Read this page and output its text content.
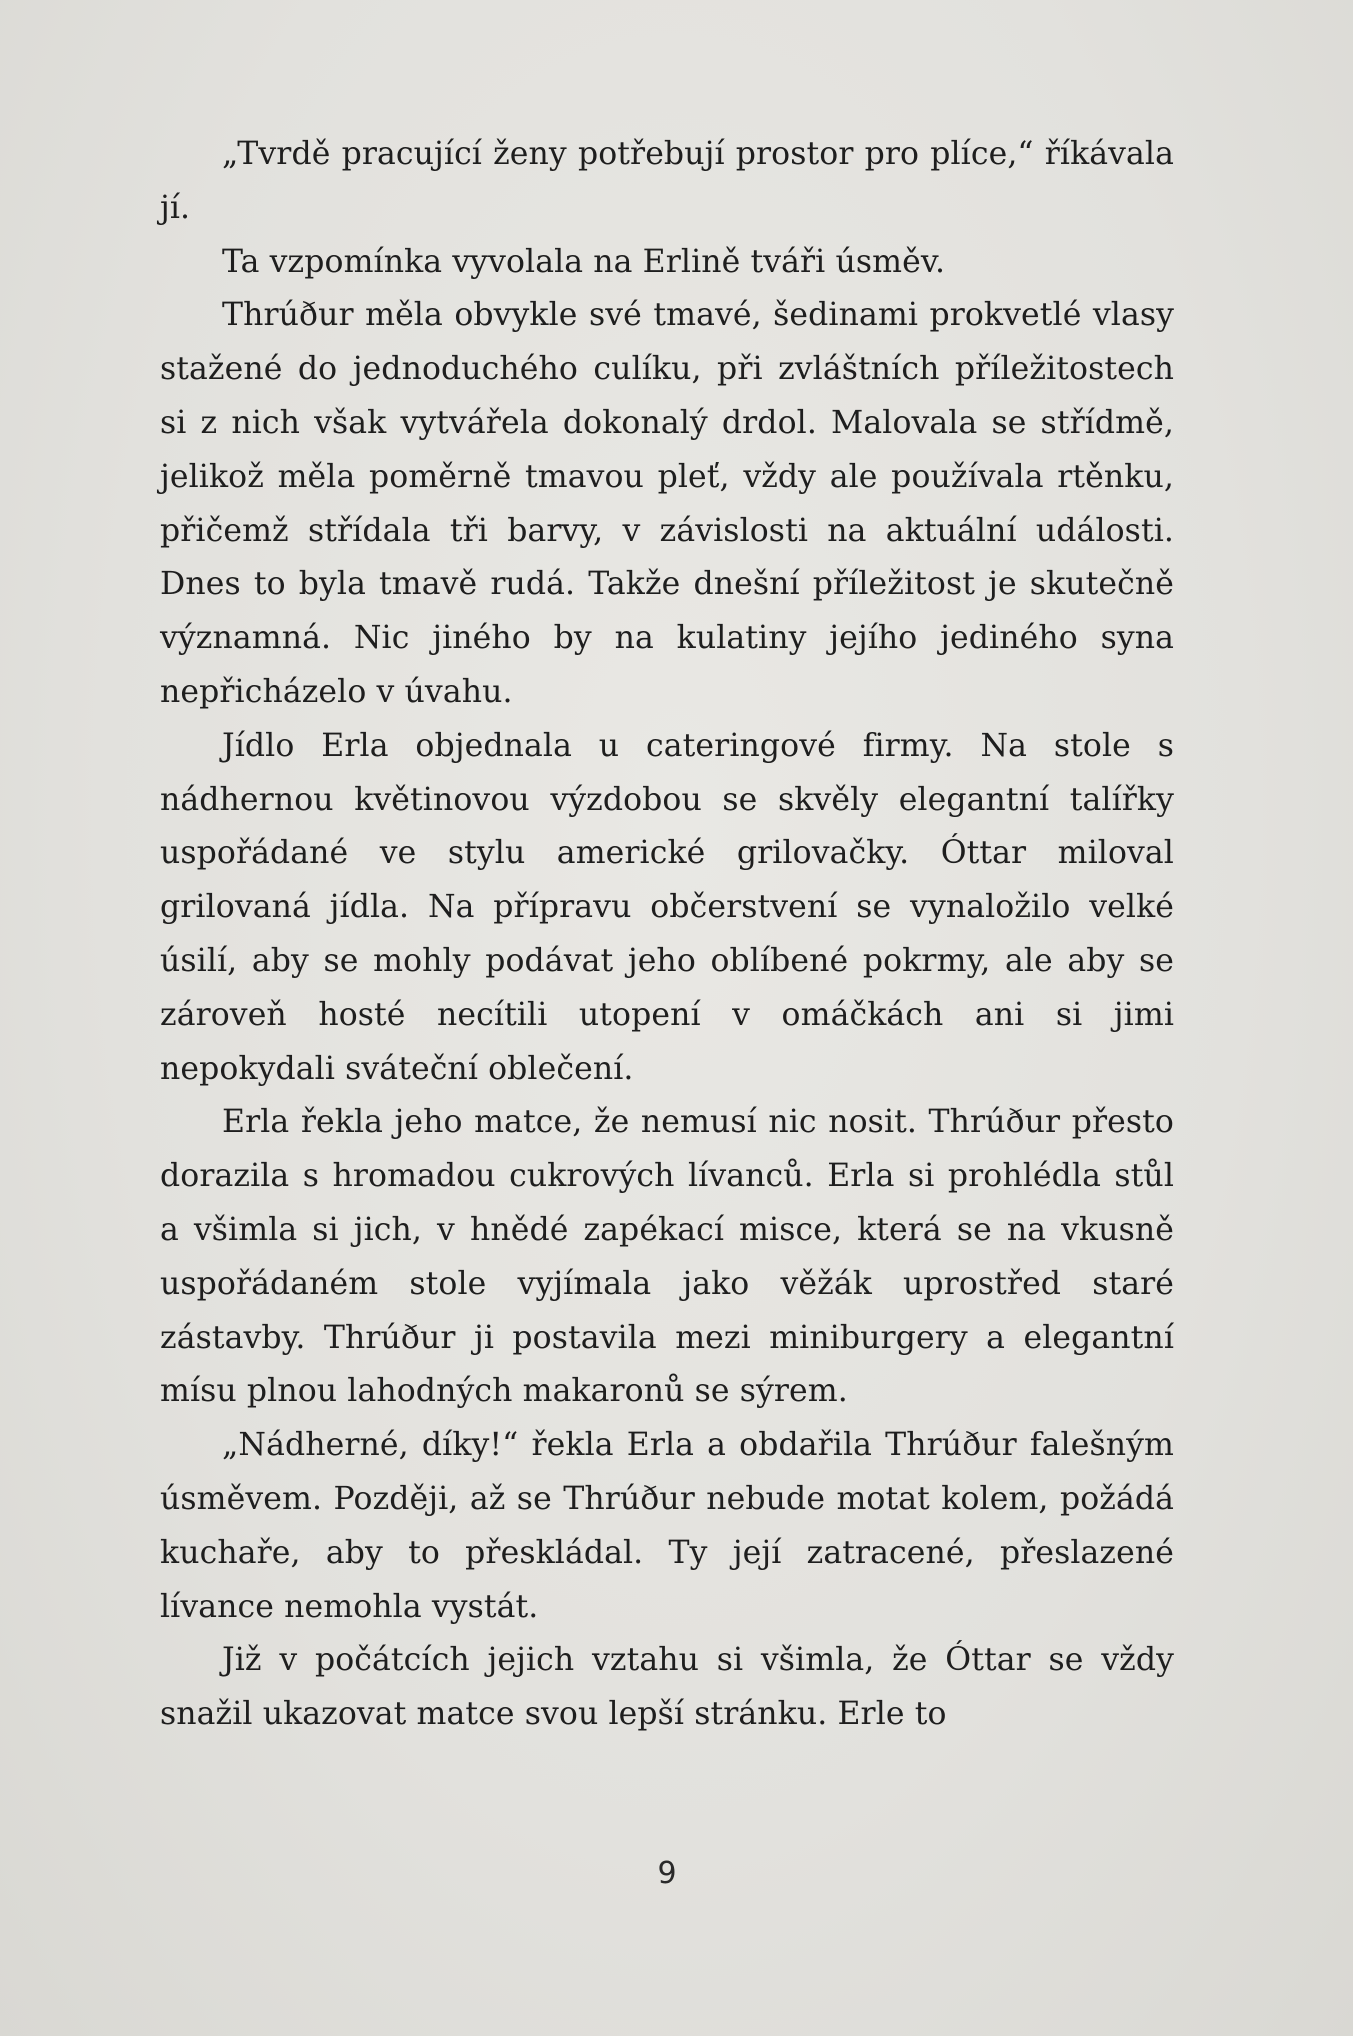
„Tvrdě pracující ženy potřebují prostor pro plíce,“ říkávala jí.

Ta vzpomínka vyvolala na Erlině tváři úsměv.

Thrúður měla obvykle své tmavé, šedinami prokvetlé vlasy stažené do jednoduchého culíku, při zvláštních příležitostech si z nich však vytvářela dokonalý drdol. Malovala se střídmě, jelikož měla poměrně tmavou pleť, vždy ale používala rtěnku, přičemž střídala tři barvy, v závislosti na aktuální události. Dnes to byla tmavě rudá. Takže dnešní příležitost je skutečně významná. Nic jiného by na kulatiny jejího jediného syna nepřicházelo v úvahu.

Jídlo Erla objednala u cateringové firmy. Na stole s nádhernou květinovou výzdobou se skvěly elegantní talířky uspořádané ve stylu americké grilovačky. Óttar miloval grilovaná jídla. Na přípravu občerstvení se vynaložilo velké úsilí, aby se mohly podávat jeho oblíbené pokrmy, ale aby se zároveň hosté necítili utopení v omáčkách ani si jimi nepokydali sváteční oblečení.

Erla řekla jeho matce, že nemusí nic nosit. Thrúður přesto dorazila s hromadou cukrových lívanců. Erla si prohlédla stůl a všimla si jich, v hnědé zapékací misce, která se na vkusně uspořádaném stole vyjímala jako věžák uprostřed staré zástavby. Thrúður ji postavila mezi miniburgery a elegantní mísu plnou lahodných makaronů se sýrem.

„Nádherné, díky!“ řekla Erla a obdařila Thrúður falešným úsměvem. Později, až se Thrúður nebude motat kolem, požádá kuchaře, aby to přeskládal. Ty její zatracené, přeslazené lívance nemohla vystát.

Již v počátcích jejich vztahu si všimla, že Óttar se vždy snažil ukazovat matce svou lepší stránku. Erle to

9
